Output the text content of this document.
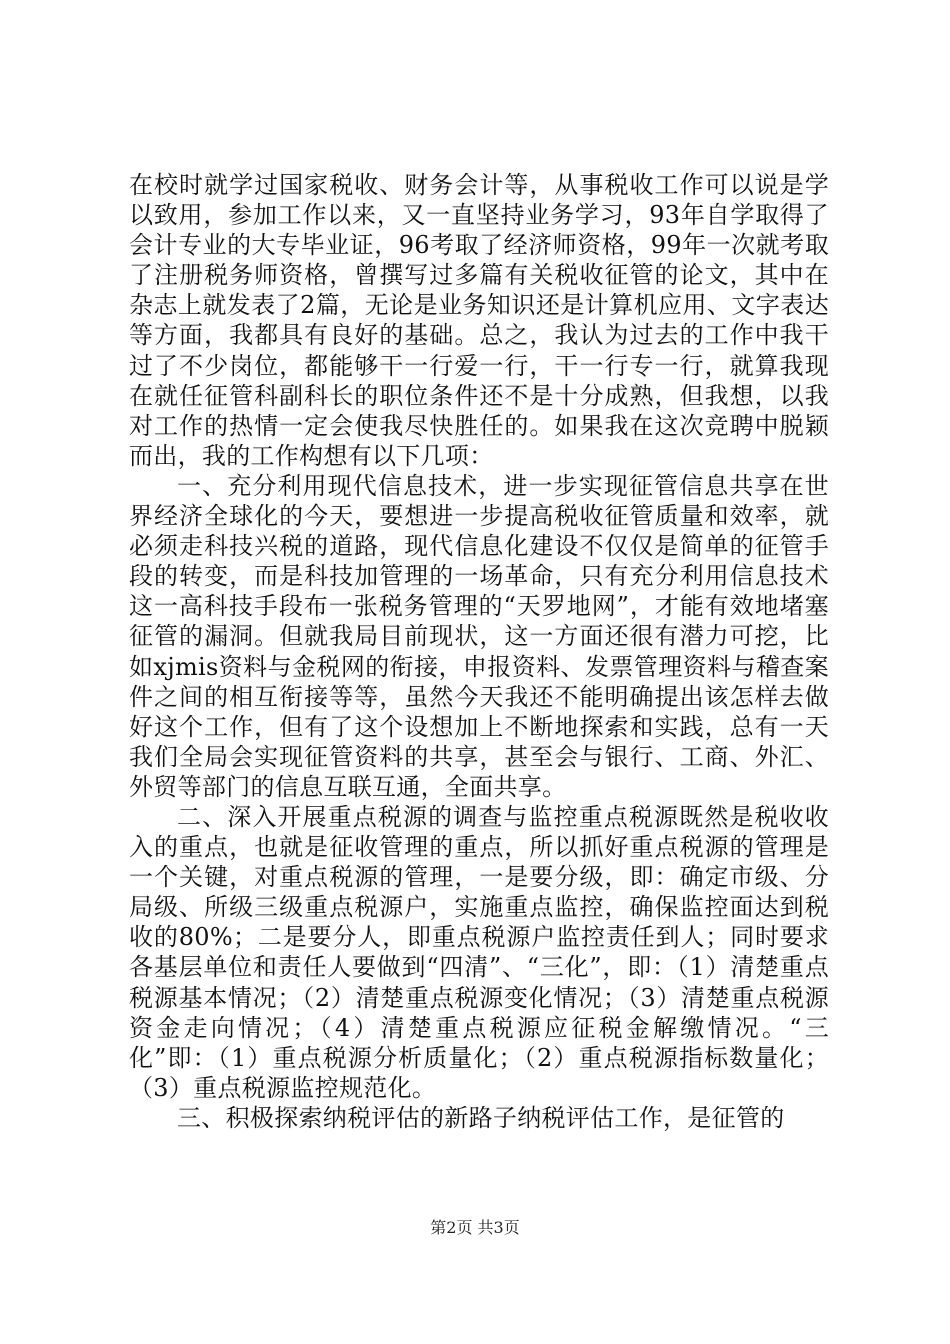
在校时就学过国家税收、财务会计等，从事税收工作可以说是学以致用，参加工作以来，又一直坚持业务学习，93年自学取得了会计专业的大专毕业证，96考取了经济师资格，99年一次就考取了注册税务师资格，曾撰写过多篇有关税收征管的论文，其中在杂志上就发表了2篇，无论是业务知识还是计算机应用、文字表达等方面，我都具有良好的基础。总之，我认为过去的工作中我干过了不少岗位，都能够干一行爱一行，干一行专一行，就算我现在就任征管科副科长的职位条件还不是十分成熟，但我想，以我对工作的热情一定会使我尽快胜任的。如果我在这次竞聘中脱颖而出，我的工作构想有以下几项：

一、充分利用现代信息技术，进一步实现征管信息共享在世界经济全球化的今天，要想进一步提高税收征管质量和效率，就必须走科技兴税的道路，现代信息化建设不仅仅是简单的征管手段的转变，而是科技加管理的一场革命，只有充分利用信息技术这一高科技手段布一张税务管理的“天罗地网”，才能有效地堵塞征管的漏洞。但就我局目前现状，这一方面还很有潜力可挖，比如xjmis资料与金税网的衔接，申报资料、发票管理资料与稽查案件之间的相互衔接等等，虽然今天我还不能明确提出该怎样去做好这个工作，但有了这个设想加上不断地探索和实践，总有一天我们全局会实现征管资料的共享，甚至会与银行、工商、外汇、外贸等部门的信息互联互通，全面共享。

二、深入开展重点税源的调查与监控重点税源既然是税收收入的重点，也就是征收管理的重点，所以抓好重点税源的管理是一个关键，对重点税源的管理，一是要分级，即：确定市级、分局级、所级三级重点税源户，实施重点监控，确保监控面达到税收的80%；二是要分人，即重点税源户监控责任到人；同时要求各基层单位和责任人要做到“四清”、“三化”，即：（1）清楚重点税源基本情况；（2）清楚重点税源变化情况；（3）清楚重点税源资金走向情况；（4）清楚重点税源应征税金解缴情况。“三化”即：（1）重点税源分析质量化；（2）重点税源指标数量化；（3）重点税源监控规范化。

三、积极探索纳税评估的新路子纳税评估工作，是征管的

第2页 共3页
